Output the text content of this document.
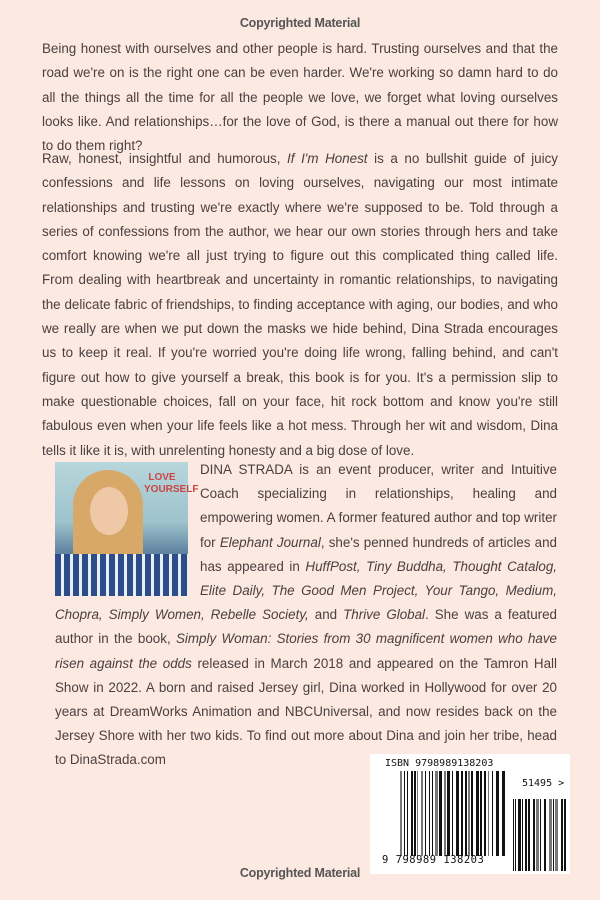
Copyrighted Material

Being honest with ourselves and other people is hard. Trusting ourselves and that the road we're on is the right one can be even harder. We're working so damn hard to do all the things all the time for all the people we love, we forget what loving ourselves looks like. And relationships…for the love of God, is there a manual out there for how to do them right?

Raw, honest, insightful and humorous, If I'm Honest is a no bullshit guide of juicy confessions and life lessons on loving ourselves, navigating our most intimate relationships and trusting we're exactly where we're supposed to be. Told through a series of confessions from the author, we hear our own stories through hers and take comfort knowing we're all just trying to figure out this complicated thing called life. From dealing with heartbreak and uncertainty in romantic relationships, to navigating the delicate fabric of friendships, to finding acceptance with aging, our bodies, and who we really are when we put down the masks we hide behind, Dina Strada encourages us to keep it real. If you're worried you're doing life wrong, falling behind, and can't figure out how to give yourself a break, this book is for you. It's a permission slip to make questionable choices, fall on your face, hit rock bottom and know you're still fabulous even when your life feels like a hot mess. Through her wit and wisdom, Dina tells it like it is, with unrelenting honesty and a big dose of love.

LOVE YOURSELF
DINA STRADA is an event producer, writer and Intuitive Coach specializing in relationships, healing and empowering women. A former featured author and top writer for Elephant Journal, she's penned hundreds of articles and has appeared in HuffPost, Tiny Buddha, Thought Catalog, Elite Daily, The Good Men Project, Your Tango, Medium, Chopra, Simply Women, Rebelle Society, and Thrive Global. She was a featured author in the book, Simply Woman: Stories from 30 magnificent women who have risen against the odds released in March 2018 and appeared on the Tamron Hall Show in 2022. A born and raised Jersey girl, Dina worked in Hollywood for over 20 years at DreamWorks Animation and NBCUniversal, and now resides back on the Jersey Shore with her two kids. To find out more about Dina and join her tribe, head to DinaStrada.com	ISBN 9798989138203
51495 >
9 798989 138203
Copyrighted Material
